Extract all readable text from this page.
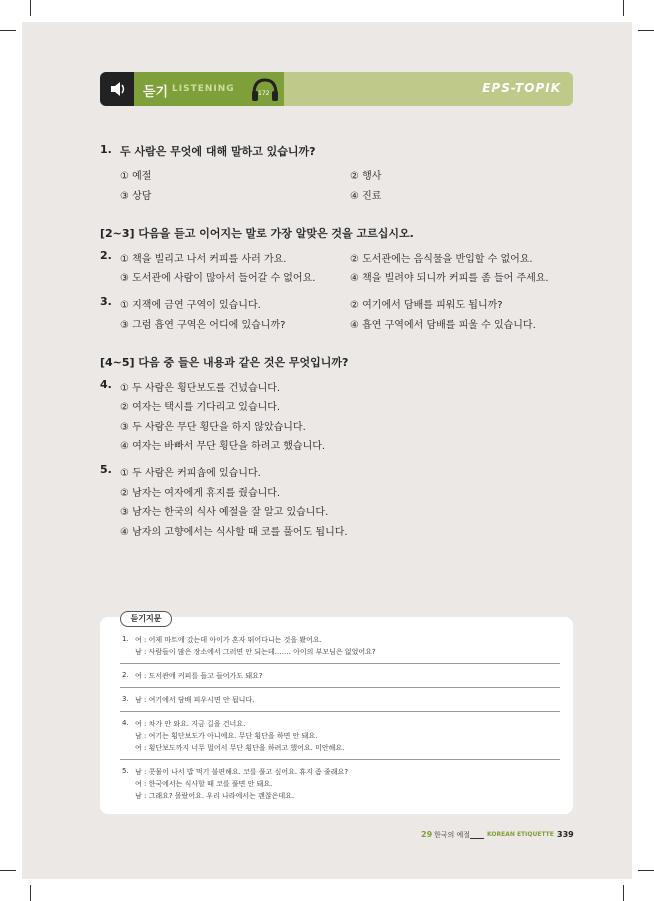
듣기 LISTENING	172	EPS-TOPIK
1. 두 사람은 무엇에 대해 말하고 있습니까?
① 예절	② 행사
③ 상담	④ 진료
[2~3] 다음을 듣고 이어지는 말로 가장 알맞은 것을 고르십시오.
2. ① 책을 빌리고 나서 커피를 사러 가요.	② 도서관에는 음식물을 반입할 수 없어요.
③ 도서관에 사람이 많아서 들어갈 수 없어요.	④ 책을 빌려야 되니까 커피를 좀 들어 주세요.
3. ① 지잭에 금연 구역이 있습니다.	② 여기에서 담배를 피워도 됩니까?
③ 그럼 흡연 구역은 어디에 있습니까?	④ 흡연 구역에서 담배를 피울 수 있습니다.
[4~5] 다음 중 들은 내용과 같은 것은 무엇입니까?
4. ① 두 사람은 횡단보도를 건넜습니다.
② 여자는 택시를 기다리고 있습니다.
③ 두 사람은 무단 횡단을 하지 않았습니다.
④ 여자는 바빠서 무단 횡단을 하려고 했습니다.
5. ① 두 사람은 커피숍에 있습니다.
② 남자는 여자에게 휴지를 줬습니다.
③ 남자는 한국의 식사 예절을 잘 알고 있습니다.
④ 남자의 고향에서는 식사할 때 코를 풀어도 됩니다.
듣기지문
1. 여 : 어제 마트에 갔는데 아이가 혼자 뛰어다니는 것을 봤어요.
남 : 사람들이 많은 장소에서 그러면 안 되는데……. 아이의 부모님은 없었어요?
2. 여 : 도서관에 커피를 들고 들어가도 돼요?
3. 남 : 여기에서 담배 피우시면 안 됩니다.
4. 여 : 차가 안 와요. 지금 길을 건너요.
남 : 여기는 횡단보도가 아니에요. 무단 횡단을 하면 안 돼요.
여 : 횡단보도까지 너무 멀어서 무단 횡단을 하려고 했어요. 미안해요.
5. 남 : 콧물이 나서 밥 먹기 불편해요. 코를 풀고 싶어요. 휴지 좀 줄래요?
여 : 한국에서는 식사할 때 코를 풀면 안 돼요.
남 : 그래요? 몰랐어요. 우리 나라에서는 괜찮은데요.
29 한국의 예절	KOREAN ETIQUETTE 339
